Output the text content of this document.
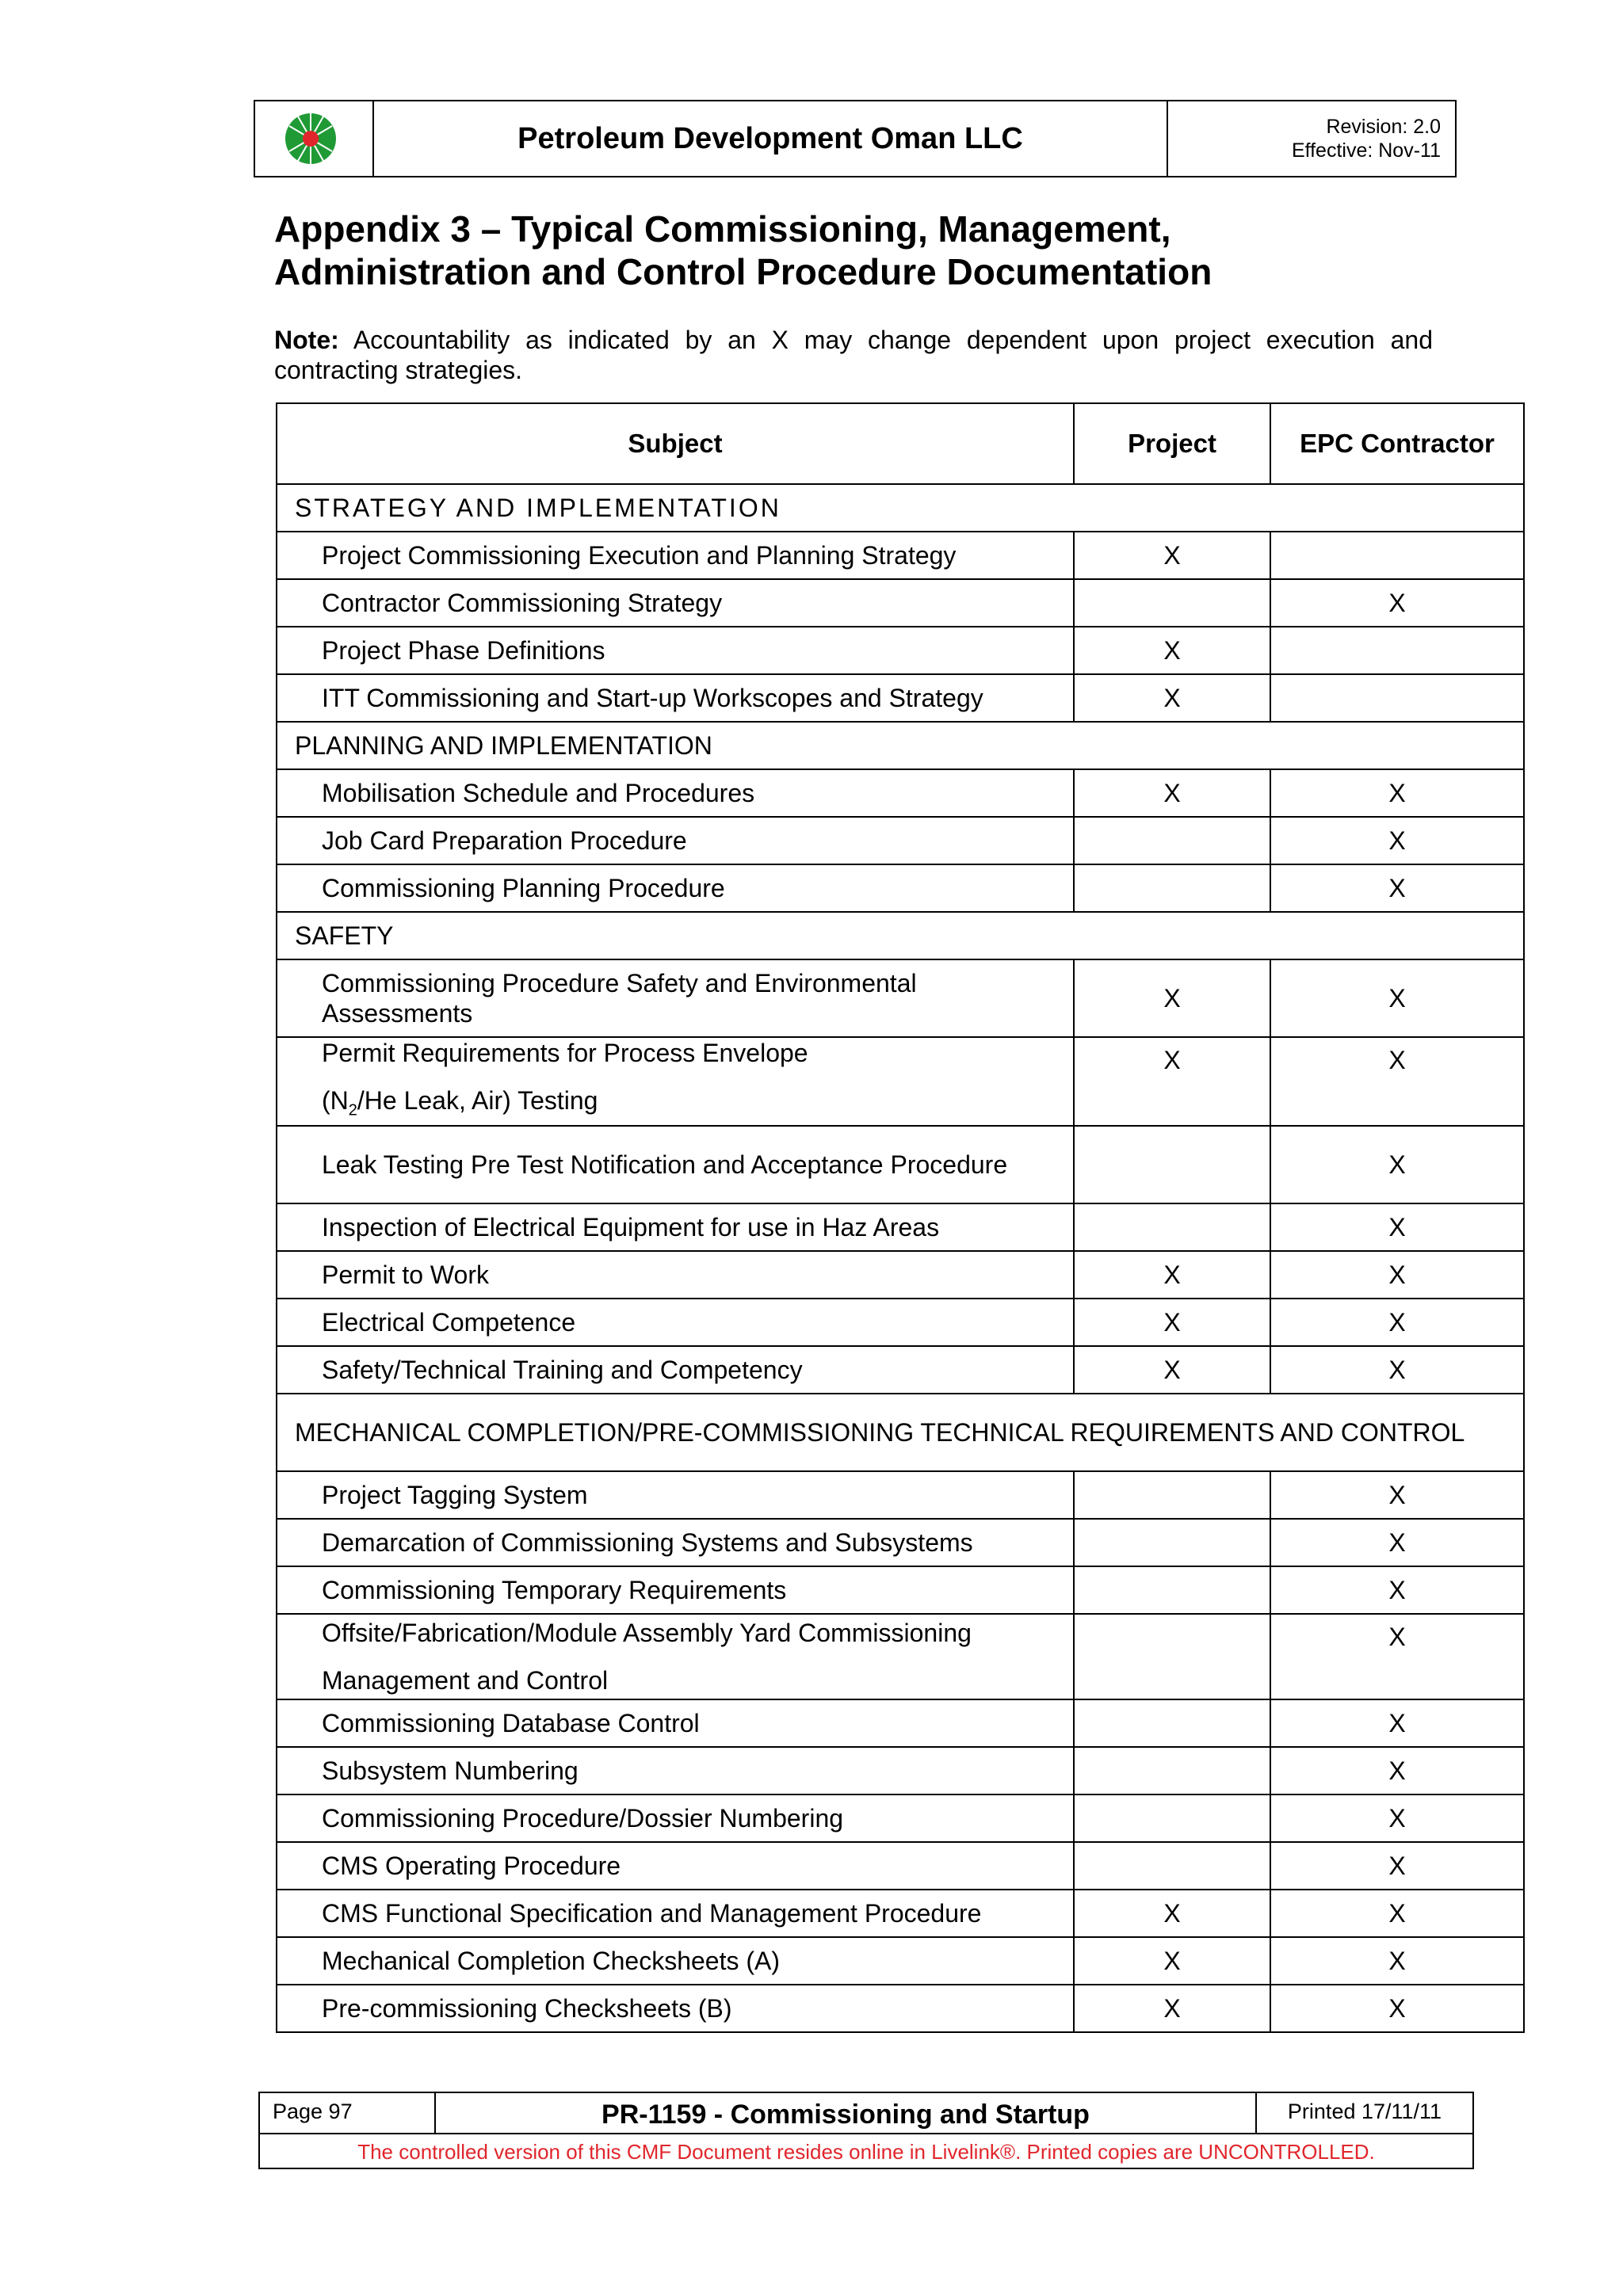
Petroleum Development Oman LLC	Revision: 2.0
Effective: Nov-11
Appendix 3 – Typical Commissioning, Management,
Administration and Control Procedure Documentation
Note: Accountability as indicated by an X may change dependent upon project execution and contracting strategies.
Subject	Project	EPC Contractor
STRATEGY AND IMPLEMENTATION		
Project Commissioning Execution and Planning Strategy	X	
Contractor Commissioning Strategy		X
Project Phase Definitions	X	
ITT Commissioning and Start-up Workscopes and Strategy	X	
PLANNING AND IMPLEMENTATION		
Mobilisation Schedule and Procedures	X	X
Job Card Preparation Procedure		X
Commissioning Planning Procedure		X
SAFETY		
Commissioning Procedure Safety and Environmental Assessments	X	X
Permit Requirements for Process Envelope
($N_2/He$ Leak, Air) Testing	X	X
Leak Testing Pre Test Notification and Acceptance Procedure		X
Inspection of Electrical Equipment for use in Haz Areas		X
Permit to Work	X	X
Electrical Competence	X	X
Safety/Technical Training and Competency	X	X
MECHANICAL COMPLETION/PRE-COMMISSIONING TECHNICAL REQUIREMENTS AND CONTROL		
Project Tagging System		X
Demarcation of Commissioning Systems and Subsystems		X
Commissioning Temporary Requirements		X
Offsite/Fabrication/Module Assembly Yard Commissioning
Management and Control		X
Commissioning Database Control		X
Subsystem Numbering		X
Commissioning Procedure/Dossier Numbering		X
CMS Operating Procedure		X
CMS Functional Specification and Management Procedure	X	X
Mechanical Completion Checksheets (A)	X	X
Pre-commissioning Checksheets (B)	X	X
Page 97	PR-1159 - Commissioning and Startup	Printed 17/11/11
The controlled version of this CMF Document resides online in Livelink®. Printed copies are UNCONTROLLED.
